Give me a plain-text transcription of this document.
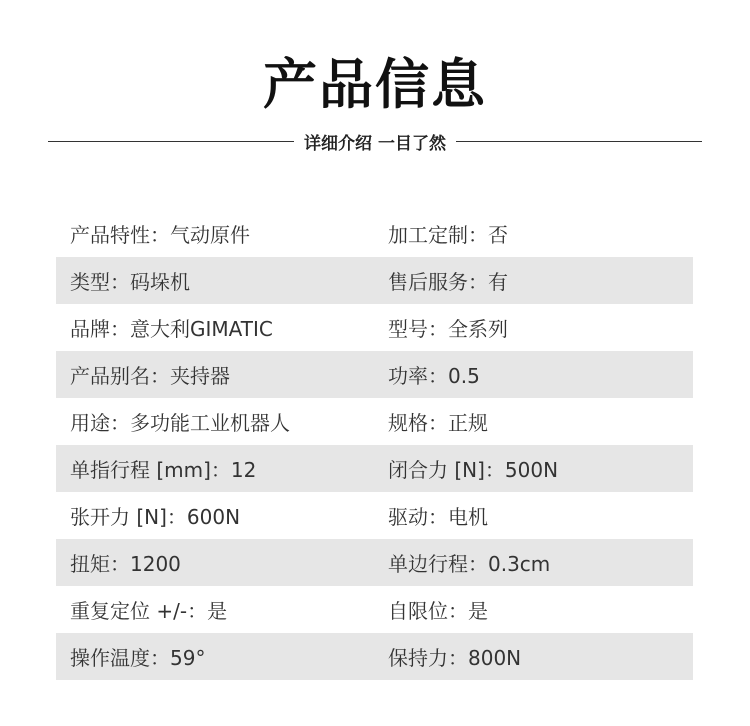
产品信息
详细介绍 一目了然
产品特性：气动原件	加工定制：否
类型：码垛机	售后服务：有
品牌：意大利GIMATIC	型号：全系列
产品别名：夹持器	功率：0.5
用途：多功能工业机器人	规格：正规
单指行程 [mm]：12	闭合力 [N]：500N
张开力 [N]：600N	驱动：电机
扭矩：1200	单边行程：0.3cm
重复定位 +/-：是	自限位：是
操作温度：59°	保持力：800N
